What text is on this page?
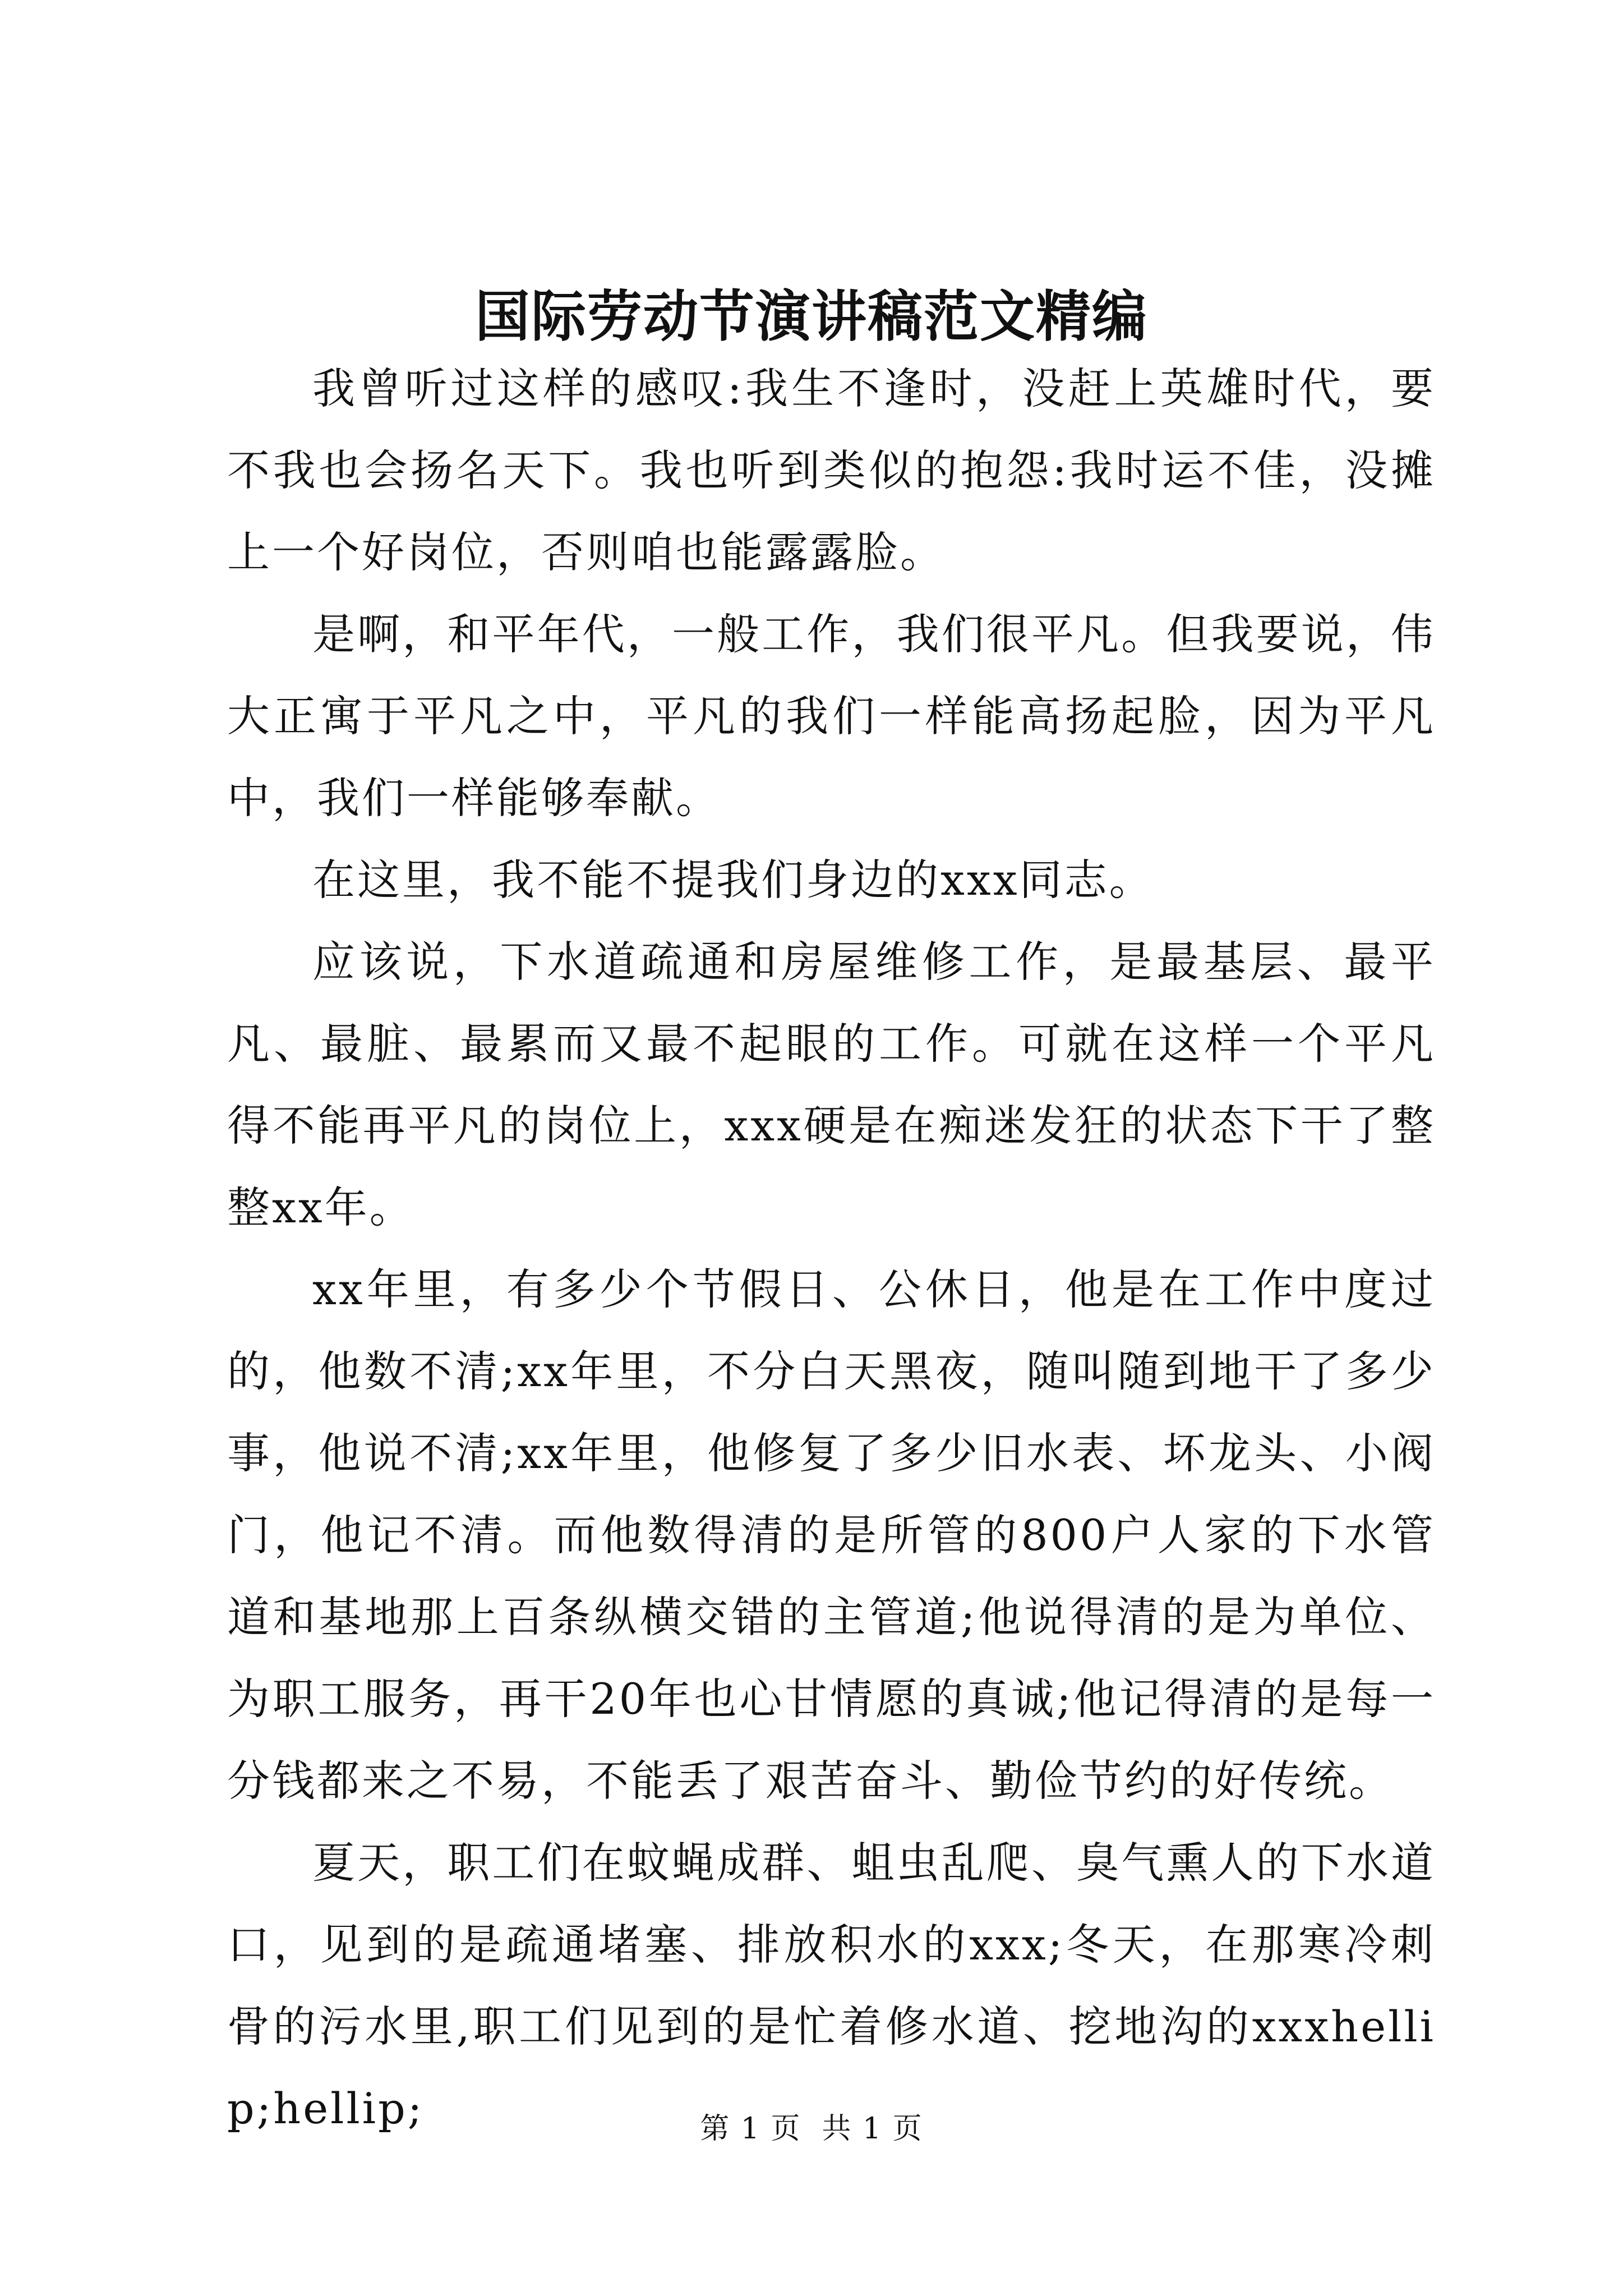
国际劳动节演讲稿范文精编

我曾听过这样的感叹:我生不逢时，没赶上英雄时代，要不我也会扬名天下。我也听到类似的抱怨:我时运不佳，没摊上一个好岗位，否则咱也能露露脸。

是啊，和平年代，一般工作，我们很平凡。但我要说，伟大正寓于平凡之中，平凡的我们一样能高扬起脸，因为平凡中，我们一样能够奉献。

在这里，我不能不提我们身边的xxx同志。

应该说，下水道疏通和房屋维修工作，是最基层、最平凡、最脏、最累而又最不起眼的工作。可就在这样一个平凡得不能再平凡的岗位上，xxx硬是在痴迷发狂的状态下干了整整xx年。

xx年里，有多少个节假日、公休日，他是在工作中度过的，他数不清;xx年里，不分白天黑夜，随叫随到地干了多少事，他说不清;xx年里，他修复了多少旧水表、坏龙头、小阀门，他记不清。而他数得清的是所管的800户人家的下水管道和基地那上百条纵横交错的主管道;他说得清的是为单位、为职工服务，再干20年也心甘情愿的真诚;他记得清的是每一分钱都来之不易，不能丢了艰苦奋斗、勤俭节约的好传统。

夏天，职工们在蚊蝇成群、蛆虫乱爬、臭气熏人的下水道口，见到的是疏通堵塞、排放积水的xxx;冬天，在那寒冷刺骨的污水里,职工们见到的是忙着修水道、挖地沟的xxxhellip;hellip;	第 1 页  共 1 页
